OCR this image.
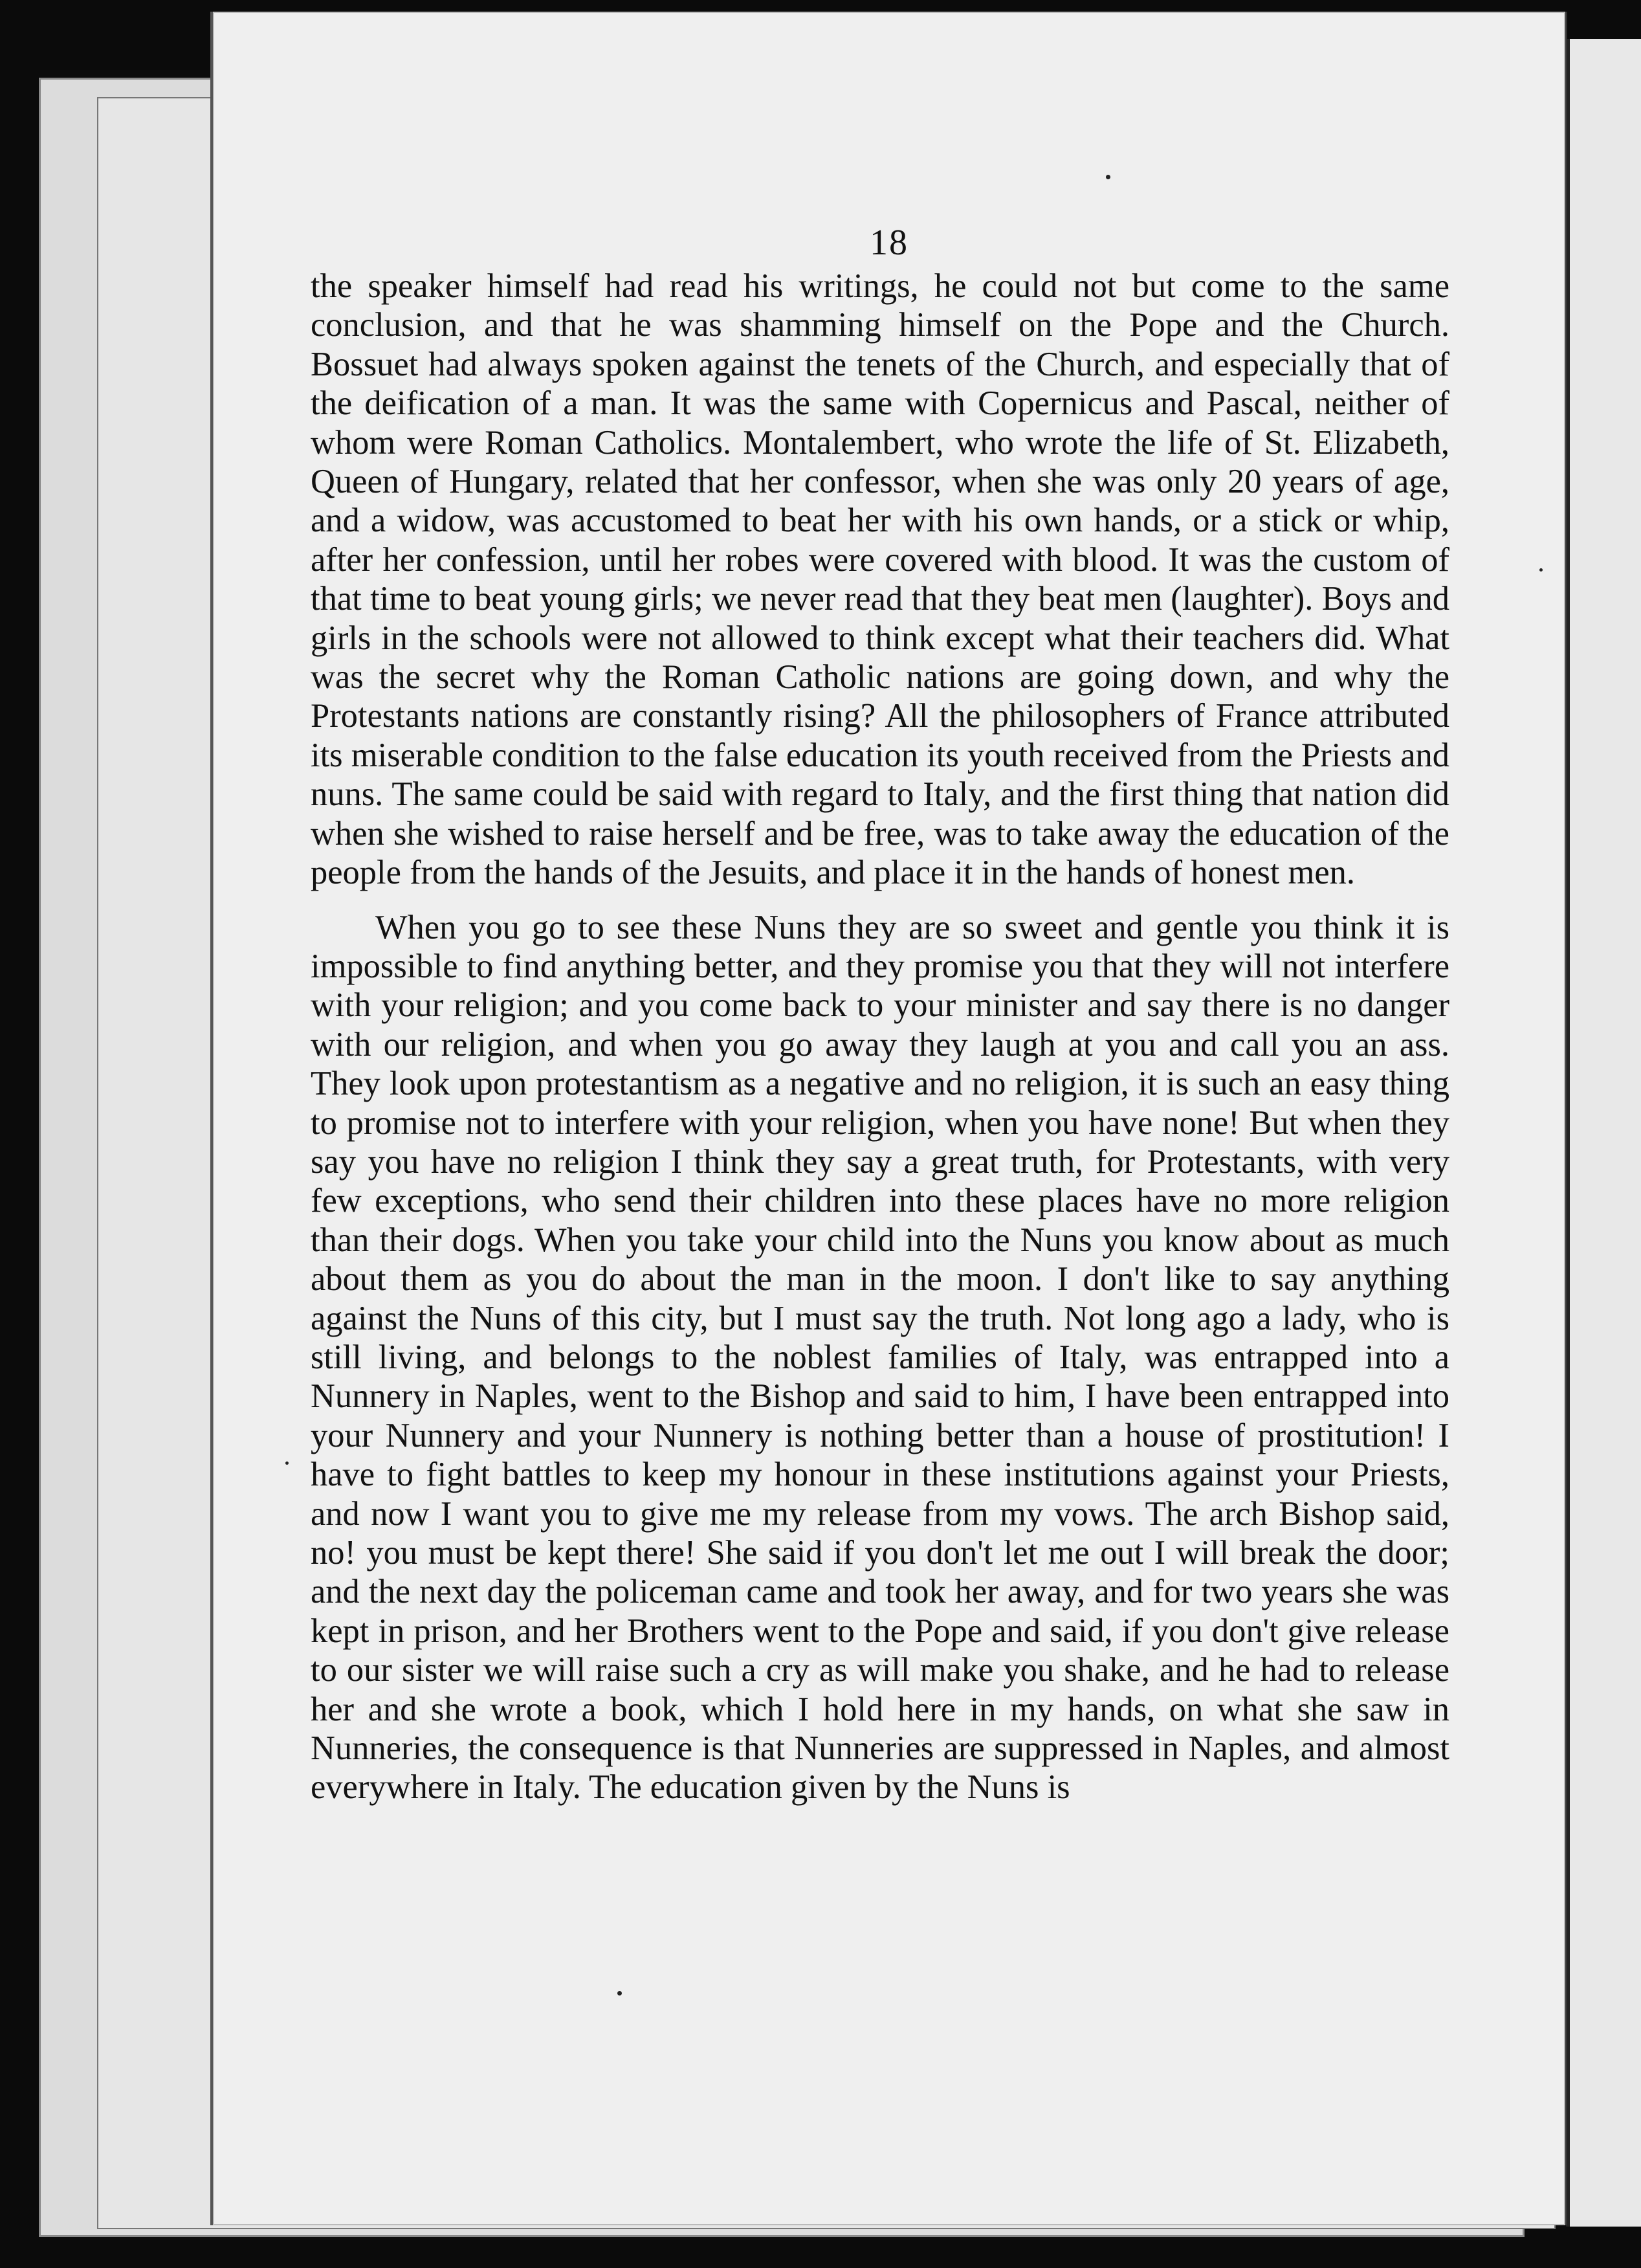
18

the speaker himself had read his writings, he could not but come to the same conclusion, and that he was shamming himself on the Pope and the Church. Bossuet had always spoken against the tenets of the Church, and especially that of the deification of a man. It was the same with Copernicus and Pascal, neither of whom were Roman Catholics. Montalembert, who wrote the life of St. Elizabeth, Queen of Hungary, related that her confessor, when she was only 20 years of age, and a widow, was accustomed to beat her with his own hands, or a stick or whip, after her confession, until her robes were covered with blood. It was the custom of that time to beat young girls; we never read that they beat men (laughter). Boys and girls in the schools were not allowed to think except what their teachers did. What was the secret why the Roman Catholic nations are going down, and why the Protestants nations are constantly rising? All the philosophers of France attributed its miserable condition to the false education its youth received from the Priests and nuns. The same could be said with regard to Italy, and the first thing that nation did when she wished to raise herself and be free, was to take away the education of the people from the hands of the Jesuits, and place it in the hands of honest men.

When you go to see these Nuns they are so sweet and gentle you think it is impossible to find anything better, and they promise you that they will not interfere with your religion; and you come back to your minister and say there is no danger with our religion, and when you go away they laugh at you and call you an ass. They look upon protestantism as a negative and no religion, it is such an easy thing to promise not to interfere with your religion, when you have none! But when they say you have no religion I think they say a great truth, for Protestants, with very few exceptions, who send their children into these places have no more religion than their dogs. When you take your child into the Nuns you know about as much about them as you do about the man in the moon. I don't like to say anything against the Nuns of this city, but I must say the truth. Not long ago a lady, who is still living, and belongs to the noblest families of Italy, was entrapped into a Nunnery in Naples, went to the Bishop and said to him, I have been entrapped into your Nunnery and your Nunnery is nothing better than a house of prostitution! I have to fight battles to keep my honour in these institutions against your Priests, and now I want you to give me my release from my vows. The arch Bishop said, no! you must be kept there! She said if you don't let me out I will break the door; and the next day the policeman came and took her away, and for two years she was kept in prison, and her Brothers went to the Pope and said, if you don't give release to our sister we will raise such a cry as will make you shake, and he had to release her and she wrote a book, which I hold here in my hands, on what she saw in Nunneries, the consequence is that Nunneries are suppressed in Naples, and almost everywhere in Italy. The education given by the Nuns is
